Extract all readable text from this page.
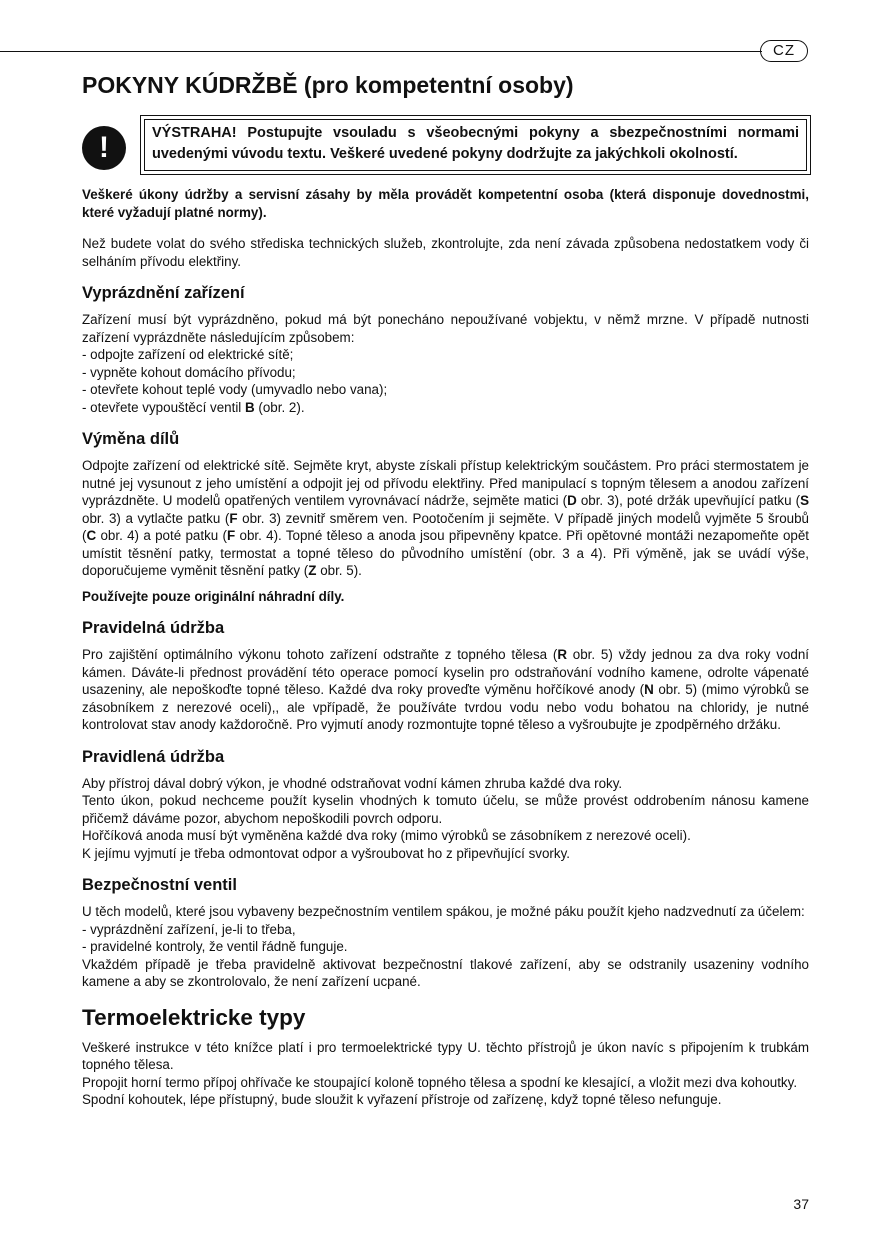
CZ
POKYNY KÚDRŽBĚ (pro kompetentní osoby)
!	VÝSTRAHA! Postupujte vsouladu s všeobecnými pokyny a sbezpečnostními normami uvedenými vúvodu textu. Veškeré uvedené pokyny dodržujte za jakýchkoli okolností.

Veškeré úkony údržby a servisní zásahy by měla provádět kompetentní osoba (která disponuje dovednostmi, které vyžadují platné normy).

Než budete volat do svého střediska technických služeb, zkontrolujte, zda není závada způsobena nedostatkem vody či selháním přívodu elektřiny.

Vyprázdnění zařízení

Zařízení musí být vyprázdněno, pokud má být ponecháno nepoužívané vobjektu, v němž mrzne. V případě nutnosti zařízení vyprázdněte následujícím způsobem:
- odpojte zařízení od elektrické sítě;
- vypněte kohout domácího přívodu;
- otevřete kohout teplé vody (umyvadlo nebo vana);
- otevřete vypouštěcí ventil B (obr. 2).

Výměna dílů

Odpojte zařízení od elektrické sítě. Sejměte kryt, abyste získali přístup kelektrickým součástem. Pro práci stermostatem je nutné jej vysunout z jeho umístění a odpojit jej od přívodu elektřiny. Před manipulací s topným tělesem a anodou zařízení vyprázdněte. U modelů opatřených ventilem vyrovnávací nádrže, sejměte matici (D obr. 3), poté držák upevňující patku (S obr. 3) a vytlačte patku (F obr. 3) zevnitř směrem ven. Pootočením ji sejměte. V případě jiných modelů vyjměte 5 šroubů (C obr. 4) a poté patku (F obr. 4). Topné těleso a anoda jsou připevněny kpatce. Při opětovné montáži nezapomeňte opět umístit těsnění patky, termostat a topné těleso do původního umístění (obr. 3 a 4). Při výměně, jak se uvádí výše, doporučujeme vyměnit těsnění patky (Z obr. 5).

Používejte pouze originální náhradní díly.

Pravidelná údržba

Pro zajištění optimálního výkonu tohoto zařízení odstraňte z topného tělesa (R obr. 5) vždy jednou za dva roky vodní kámen. Dáváte-li přednost provádění této operace pomocí kyselin pro odstraňování vodního kamene, odrolte vápenaté usazeniny, ale nepoškoďte topné těleso. Každé dva roky proveďte výměnu hořčíkové anody (N obr. 5) (mimo výrobků se zásobníkem z nerezové oceli),, ale vpřípadě, že používáte tvrdou vodu nebo vodu bohatou na chloridy, je nutné kontrolovat stav anody každoročně. Pro vyjmutí anody rozmontujte topné těleso a vyšroubujte je zpodpěrného držáku.

Pravidlená údržba

Aby přístroj dával dobrý výkon, je vhodné odstraňovat vodní kámen zhruba každé dva roky.
Tento úkon, pokud nechceme použít kyselin vhodných k tomuto účelu, se může provést oddrobením nánosu kamene přičemž dáváme pozor, abychom nepoškodili povrch odporu.
Hořčíková anoda musí být vyměněna každé dva roky (mimo výrobků se zásobníkem z nerezové oceli).
K jejímu vyjmutí je třeba odmontovat odpor a vyšroubovat ho z připevňující svorky.

Bezpečnostní ventil

U těch modelů, které jsou vybaveny bezpečnostním ventilem spákou, je možné páku použít kjeho nadzvednutí za účelem:
- vyprázdnění zařízení, je-li to třeba,
- pravidelné kontroly, že ventil řádně funguje.
Vkaždém případě je třeba pravidelně aktivovat bezpečnostní tlakové zařízení, aby se odstranily usazeniny vodního kamene a aby se zkontrolovalo, že není zařízení ucpané.

Termoelektricke typy

Veškeré instrukce v této knížce platí i pro termoelektrické typy U. těchto přístrojů je úkon navíc s připojením k trubkám topného tělesa.
Propojit horní termo přípoj ohřívače ke stoupající koloně topného tělesa a spodní ke klesající, a vložit mezi dva kohoutky.
Spodní kohoutek, lépe přístupný, bude sloužit k vyřazení přístroje od zařízenę, když topné těleso nefunguje.

37
